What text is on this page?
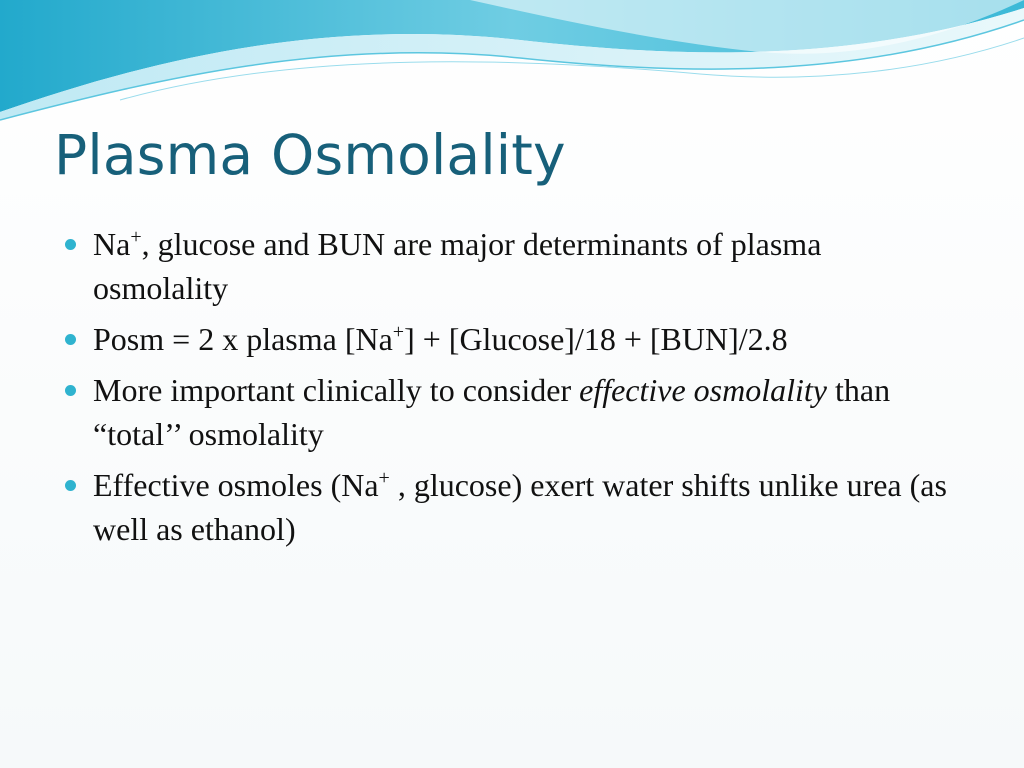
Plasma Osmolality
Na+, glucose and BUN are major determinants of plasma osmolality
Posm = 2 x plasma [Na+] + [Glucose]/18 + [BUN]/2.8
More important clinically to consider effective osmolality than “total’’ osmolality
Effective osmoles (Na+ , glucose) exert water shifts unlike urea (as well as ethanol)
